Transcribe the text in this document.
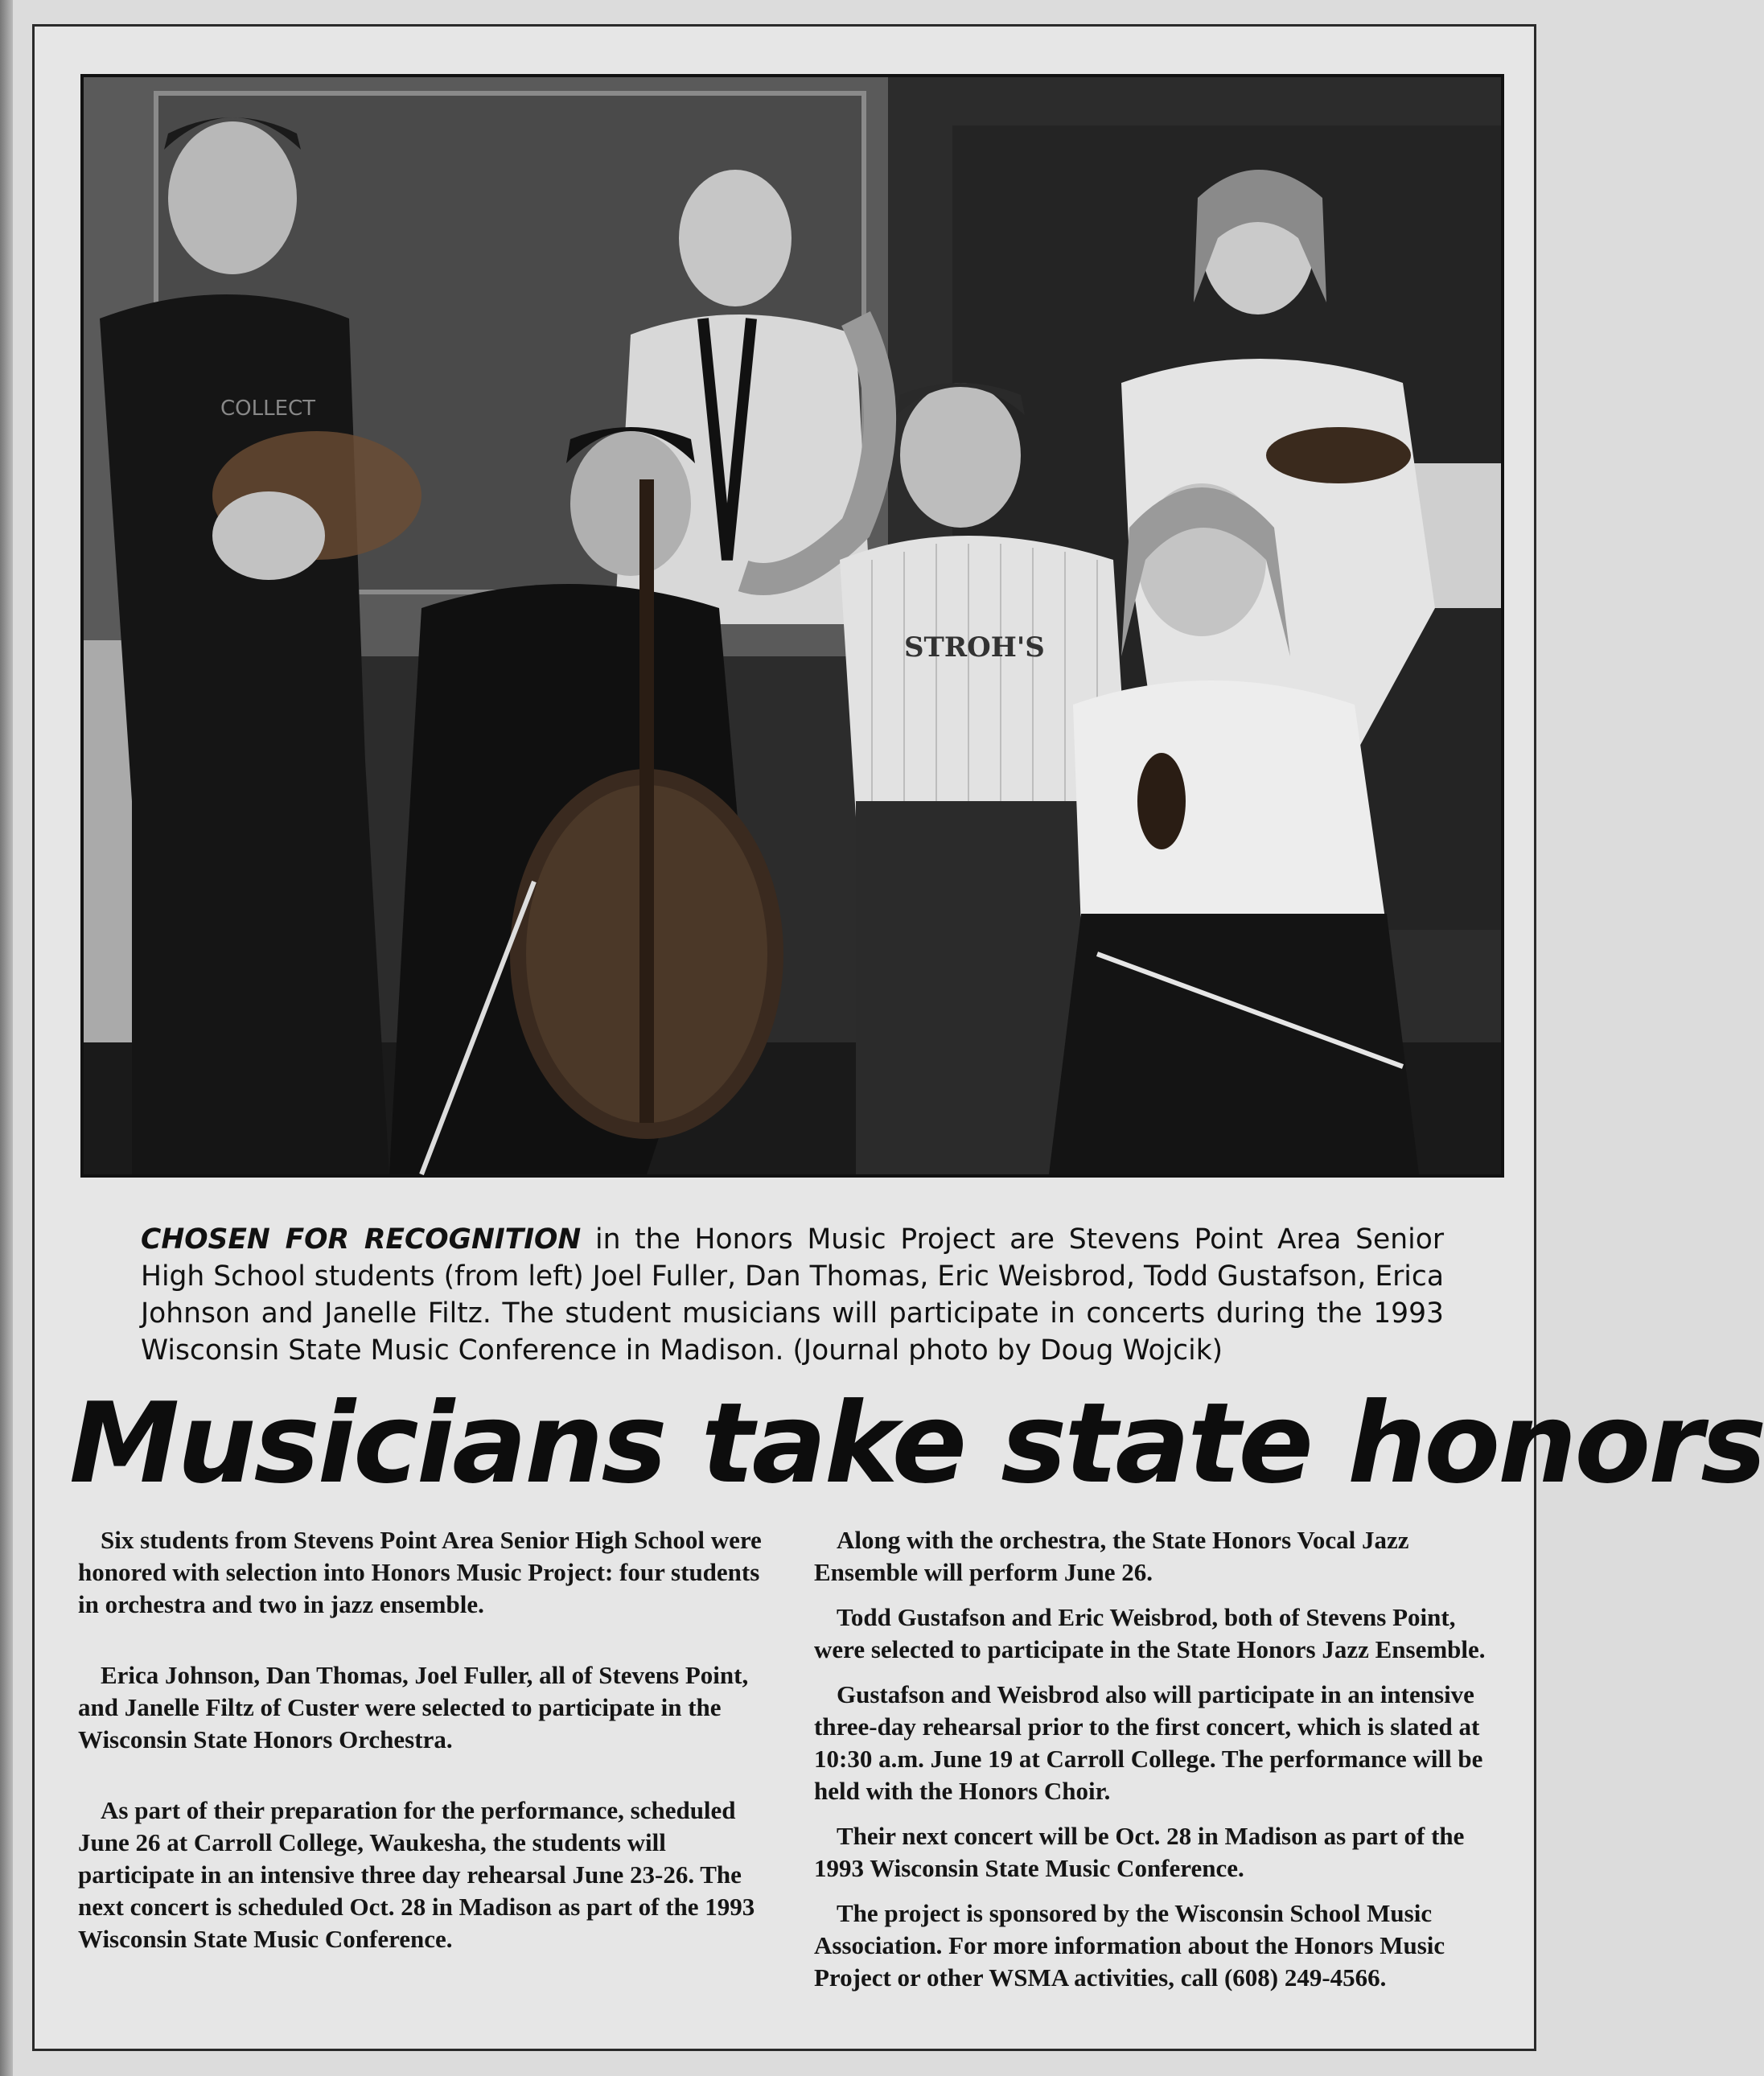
COLLECT
STROH'S
CHOSEN FOR RECOGNITION in the Honors Music Project are Stevens Point Area Senior High School students (from left) Joel Fuller, Dan Thomas, Eric Weisbrod, Todd Gustafson, Erica Johnson and Janelle Filtz. The student musicians will participate in concerts during the 1993 Wisconsin State Music Conference in Madison. (Journal photo by Doug Wojcik)
Musicians take state honors

Six students from Stevens Point Area Senior High School were honored with selection into Honors Music Project: four students in orchestra and two in jazz ensemble.

Erica Johnson, Dan Thomas, Joel Fuller, all of Stevens Point, and Janelle Filtz of Custer were selected to participate in the Wisconsin State Honors Orchestra.

As part of their preparation for the performance, scheduled June 26 at Carroll College, Waukesha, the students will participate in an intensive three day rehearsal June 23-26. The next concert is scheduled Oct. 28 in Madison as part of the 1993 Wisconsin State Music Conference.

Along with the orchestra, the State Honors Vocal Jazz Ensemble will perform June 26.

Todd Gustafson and Eric Weisbrod, both of Stevens Point, were selected to participate in the State Honors Jazz Ensemble.

Gustafson and Weisbrod also will participate in an intensive three-day rehearsal prior to the first concert, which is slated at 10:30 a.m. June 19 at Carroll College. The performance will be held with the Honors Choir.

Their next concert will be Oct. 28 in Madison as part of the 1993 Wisconsin State Music Conference.

The project is sponsored by the Wisconsin School Music Association. For more information about the Honors Music Project or other WSMA activities, call (608) 249-4566.
